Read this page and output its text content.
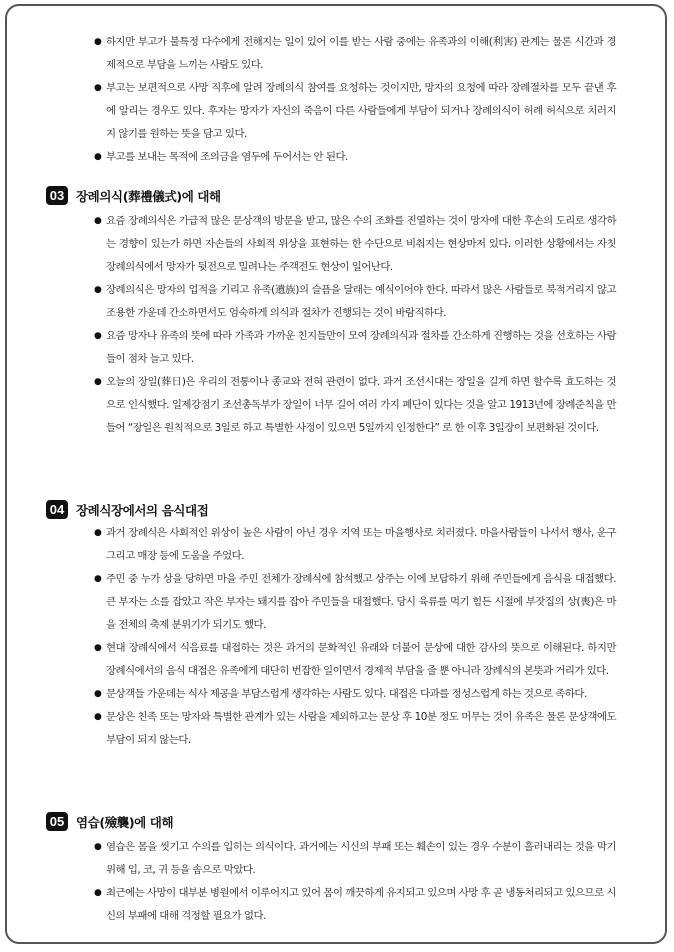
● 하지만 부고가 불특정 다수에게 전해지는 일이 있어 이를 받는 사람 중에는 유족과의 이해(利害) 관계는 물론 시간과 경제적으로 부담을 느끼는 사람도 있다.
● 부고는 보편적으로 사망 직후에 알려 장례의식 참여를 요청하는 것이지만, 망자의 요청에 따라 장례절차를 모두 끝낸 후에 알리는 경우도 있다. 후자는 망자가 자신의 죽음이 다른 사람들에게 부담이 되거나 장례의식이 허례 허식으로 치러지지 않기를 원하는 뜻을 담고 있다.
● 부고를 보내는 목적에 조의금을 염두에 두어서는 안 된다.
03 장례의식(葬禮儀式)에 대해
● 요즘 장례의식은 가급적 많은 문상객의 방문을 받고, 많은 수의 조화를 진열하는 것이 망자에 대한 후손의 도리로 생각하는 경향이 있는가 하면 자손들의 사회적 위상을 표현하는 한 수단으로 비춰지는 현상마저 있다. 이러한 상황에서는 자칫 장례의식에서 망자가 뒷전으로 밀려나는 주객전도 현상이 일어난다.
● 장례의식은 망자의 업적을 기리고 유족(遺族)의 슬픔을 달래는 예식이어야 한다. 따라서 많은 사람들로 북적거리지 않고 조용한 가운데 간소하면서도 엄숙하게 의식과 절차가 진행되는 것이 바람직하다.
● 요즘 망자나 유족의 뜻에 따라 가족과 가까운 친지들만이 모여 장례의식과 절차를 간소하게 진행하는 것을 선호하는 사람들이 점차 늘고 있다.
● 오늘의 장일(葬日)은 우리의 전통이나 종교와 전혀 관련이 없다. 과거 조선시대는 장일을 길게 하면 할수록 효도하는 것으로 인식했다. 일제강점기 조선총독부가 장일이 너무 길어 여러 가지 폐단이 있다는 것을 알고 1913년에 장례준칙을 만들어 “장일은 원칙적으로 3일로 하고 특별한 사정이 있으면 5일까지 인정한다” 로 한 이후 3일장이 보편화된 것이다.
04 장례식장에서의 음식대접
● 과거 장례식은 사회적인 위상이 높은 사람이 아닌 경우 지역 또는 마을행사로 치러졌다. 마을사람들이 나서서 행사, 운구 그리고 매장 등에 도움을 주었다.
● 주민 중 누가 상을 당하면 마을 주민 전체가 장례식에 참석했고 상주는 이에 보답하기 위해 주민들에게 음식을 대접했다. 큰 부자는 소를 잡았고 작은 부자는 돼지를 잡아 주민들을 대접했다. 당시 육류를 먹기 힘든 시절에 부잣집의 상(喪)은 마을 전체의 축제 분위기가 되기도 했다.
● 현대 장례식에서 식음료를 대접하는 것은 과거의 문화적인 유래와 더불어 문상에 대한 감사의 뜻으로 이해된다. 하지만 장례식에서의 음식 대접은 유족에게 대단히 번잡한 일이면서 경제적 부담을 줄 뿐 아니라 장례식의 본뜻과 거리가 있다.
● 문상객들 가운데는 식사 제공을 부담스럽게 생각하는 사람도 있다. 대접은 다과를 정성스럽게 하는 것으로 족하다.
● 문상은 친족 또는 망자와 특별한 관계가 있는 사람을 제외하고는 문상 후 10분 정도 머무는 것이 유족은 물론 문상객에도 부담이 되지 않는다.
05 염습(殮襲)에 대해
● 염습은 몸을 씻기고 수의를 입히는 의식이다. 과거에는 시신의 부패 또는 훼손이 있는 경우 수분이 흘러내리는 것을 막기 위해 입, 코, 귀 등을 솜으로 막았다.
● 최근에는 사망이 대부분 병원에서 이루어지고 있어 몸이 깨끗하게 유지되고 있으며 사망 후 곧 냉동처리되고 있으므로 시신의 부패에 대해 걱정할 필요가 없다.
